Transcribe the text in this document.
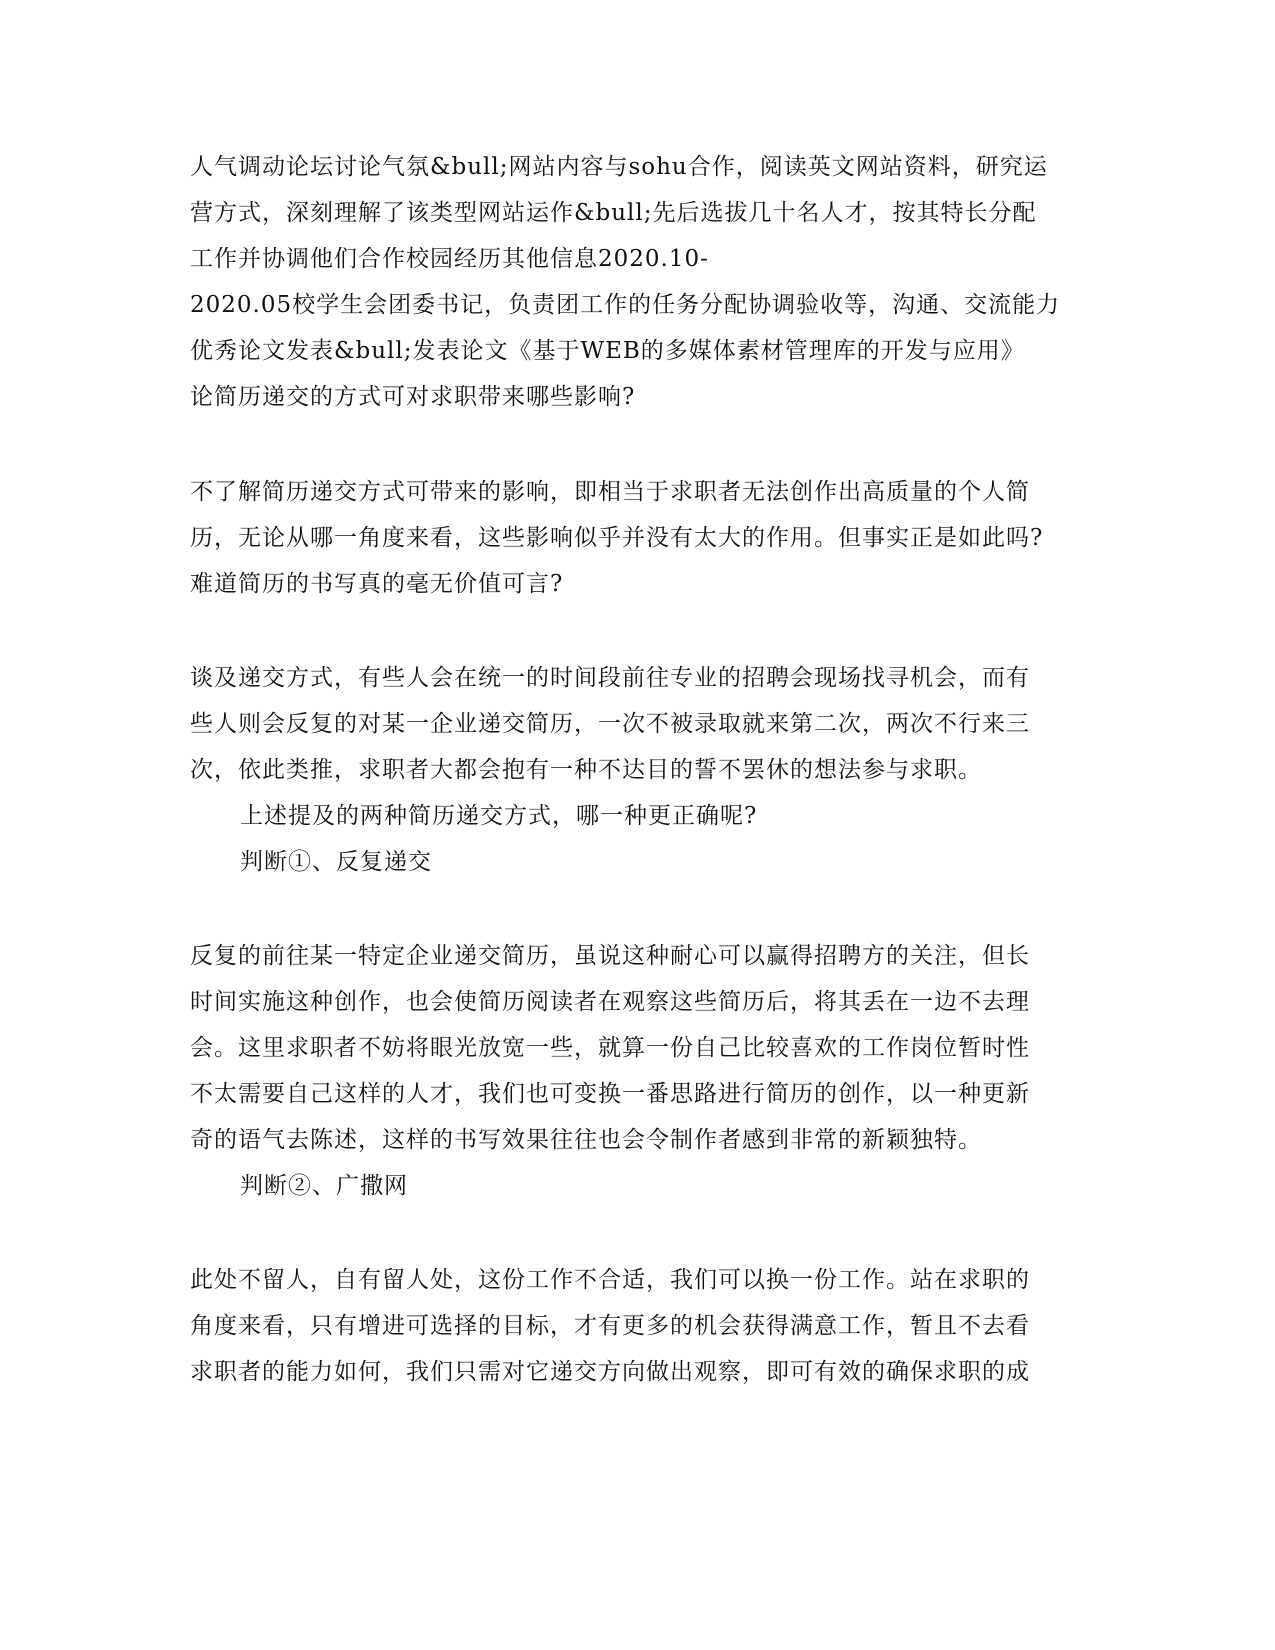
人气调动论坛讨论气氛&bull;网站内容与sohu合作，阅读英文网站资料，研究运
营方式，深刻理解了该类型网站运作&bull;先后选拔几十名人才，按其特长分配
工作并协调他们合作校园经历其他信息2020.10-
2020.05校学生会团委书记，负责团工作的任务分配协调验收等，沟通、交流能力
优秀论文发表&bull;发表论文《基于WEB的多媒体素材管理库的开发与应用》
论简历递交的方式可对求职带来哪些影响?
不了解简历递交方式可带来的影响，即相当于求职者无法创作出高质量的个人简
历，无论从哪一角度来看，这些影响似乎并没有太大的作用。但事实正是如此吗?
难道简历的书写真的毫无价值可言?
谈及递交方式，有些人会在统一的时间段前往专业的招聘会现场找寻机会，而有
些人则会反复的对某一企业递交简历，一次不被录取就来第二次，两次不行来三
次，依此类推，求职者大都会抱有一种不达目的誓不罢休的想法参与求职。
上述提及的两种简历递交方式，哪一种更正确呢?
判断①、反复递交
反复的前往某一特定企业递交简历，虽说这种耐心可以赢得招聘方的关注，但长
时间实施这种创作，也会使简历阅读者在观察这些简历后，将其丢在一边不去理
会。这里求职者不妨将眼光放宽一些，就算一份自己比较喜欢的工作岗位暂时性
不太需要自己这样的人才，我们也可变换一番思路进行简历的创作，以一种更新
奇的语气去陈述，这样的书写效果往往也会令制作者感到非常的新颖独特。
判断②、广撒网
此处不留人，自有留人处，这份工作不合适，我们可以换一份工作。站在求职的
角度来看，只有增进可选择的目标，才有更多的机会获得满意工作，暂且不去看
求职者的能力如何，我们只需对它递交方向做出观察，即可有效的确保求职的成
